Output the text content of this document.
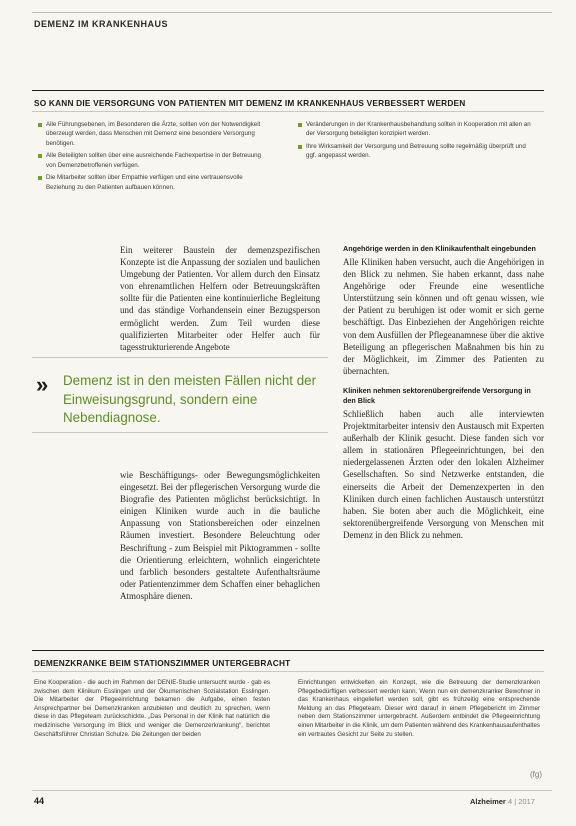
DEMENZ IM KRANKENHAUS
SO KANN DIE VERSORGUNG VON PATIENTEN MIT DEMENZ IM KRANKENHAUS VERBESSERT WERDEN
Alle Führungsebenen, im Besonderen die Ärzte, sollten von der Notwendigkeit überzeugt werden, dass Menschen mit Demenz eine besondere Versorgung benötigen.
Alle Beteiligten sollten über eine ausreichende Fachexpertise in der Betreuung von Demenzbetroffenen verfügen.
Die Mitarbeiter sollten über Empathie verfügen und eine vertrauensvolle Beziehung zu den Patienten aufbauen können.
Veränderungen in der Krankenhausbehandlung sollten in Kooperation mit allen an der Versorgung beteiligten konzipiert werden.
Ihre Wirksamkeit der Versorgung und Betreuung sollte regelmäßig überprüft und ggf. angepasst werden.

Ein weiterer Baustein der demenzspezifischen Konzepte ist die Anpassung der sozialen und baulichen Umgebung der Patienten. Vor allem durch den Einsatz von ehrenamtlichen Helfern oder Betreuungskräften sollte für die Patienten eine kontinuierliche Begleitung und das ständige Vorhandensein einer Bezugsperson ermöglicht werden. Zum Teil wurden diese qualifizierten Mitarbeiter oder Helfer auch für tagesstrukturierende Angebote

» Demenz ist in den meisten Fällen nicht der Einweisungsgrund, sondern eine Nebendiagnose.

wie Beschäftigungs- oder Bewegungsmöglichkeiten eingesetzt. Bei der pflegerischen Versorgung wurde die Biografie des Patienten möglichst berücksichtigt. In einigen Kliniken wurde auch in die bauliche Anpassung von Stationsbereichen oder einzelnen Räumen investiert. Besondere Beleuchtung oder Beschriftung - zum Beispiel mit Piktogrammen - sollte die Orientierung erleichtern, wohnlich eingerichtete und farblich besonders gestaltete Aufenthaltsräume oder Patientenzimmer dem Schaffen einer behaglichen Atmosphäre dienen.

Angehörige werden in den Klinikaufenthalt eingebunden

Alle Kliniken haben versucht, auch die Angehörigen in den Blick zu nehmen. Sie haben erkannt, dass nahe Angehörige oder Freunde eine wesentliche Unterstützung sein können und oft genau wissen, wie der Patient zu beruhigen ist oder womit er sich gerne beschäftigt. Das Einbeziehen der Angehörigen reichte von dem Ausfüllen der Pflegeanamnese über die aktive Beteiligung an pflegerischen Maßnahmen bis hin zu der Möglichkeit, im Zimmer des Patienten zu übernachten.

Kliniken nehmen sektorenübergreifende Versorgung in den Blick

Schließlich haben auch alle interviewten Projektmitarbeiter intensiv den Austausch mit Experten außerhalb der Klinik gesucht. Diese fanden sich vor allem in stationären Pflegeeinrichtungen, bei den niedergelassenen Ärzten oder den lokalen Alzheimer Gesellschaften. So sind Netzwerke entstanden, die einerseits die Arbeit der Demenzexperten in den Kliniken durch einen fachlichen Austausch unterstützt haben. Sie boten aber auch die Möglichkeit, eine sektorenübergreifende Versorgung von Menschen mit Demenz in den Blick zu nehmen.

DEMENZKRANKE BEIM STATIONSZIMMER UNTERGEBRACHT

Eine Kooperation - die auch im Rahmen der DENIE-Studie untersucht wurde - gab es zwischen dem Klinikum Esslingen und der Ökumenischen Sozialstation Esslingen. Die Mitarbeiter der Pflegeeinrichtung bekamen die Aufgabe, einen festen Ansprechpartner bei Demenzkranken anzubieten und deutlich zu sprechen, wenn diese in das Pflegeteam zurückschickte. „Das Personal in der Klinik hat natürlich die medizinische Versorgung im Blick und weniger die Demenzerkrankung“, berichtet Geschäftsführer Christian Schulze. Die Zeitungen der beiden

Einrichtungen entwickelten ein Konzept, wie die Betreuung der demenzkranken Pflegebedürftigen verbessert werden kann. Wenn nun ein demenzkranker Bewohner in das Krankenhaus eingeliefert werden soll, gibt es frühzeitig eine entsprechende Meldung an das Pflegeteam. Dieser wird darauf in einem Pflegebericht im Zimmer neben dem Stationszimmer untergebracht. Außerdem entbindet die Pflegeeinrichtung einen Mitarbeiter in die Klinik, um dem Patienten während des Krankenhausaufenthaltes ein vertrautes Gesicht zur Seite zu stellen.

(fg)
44	Alzheimer 4 | 2017
